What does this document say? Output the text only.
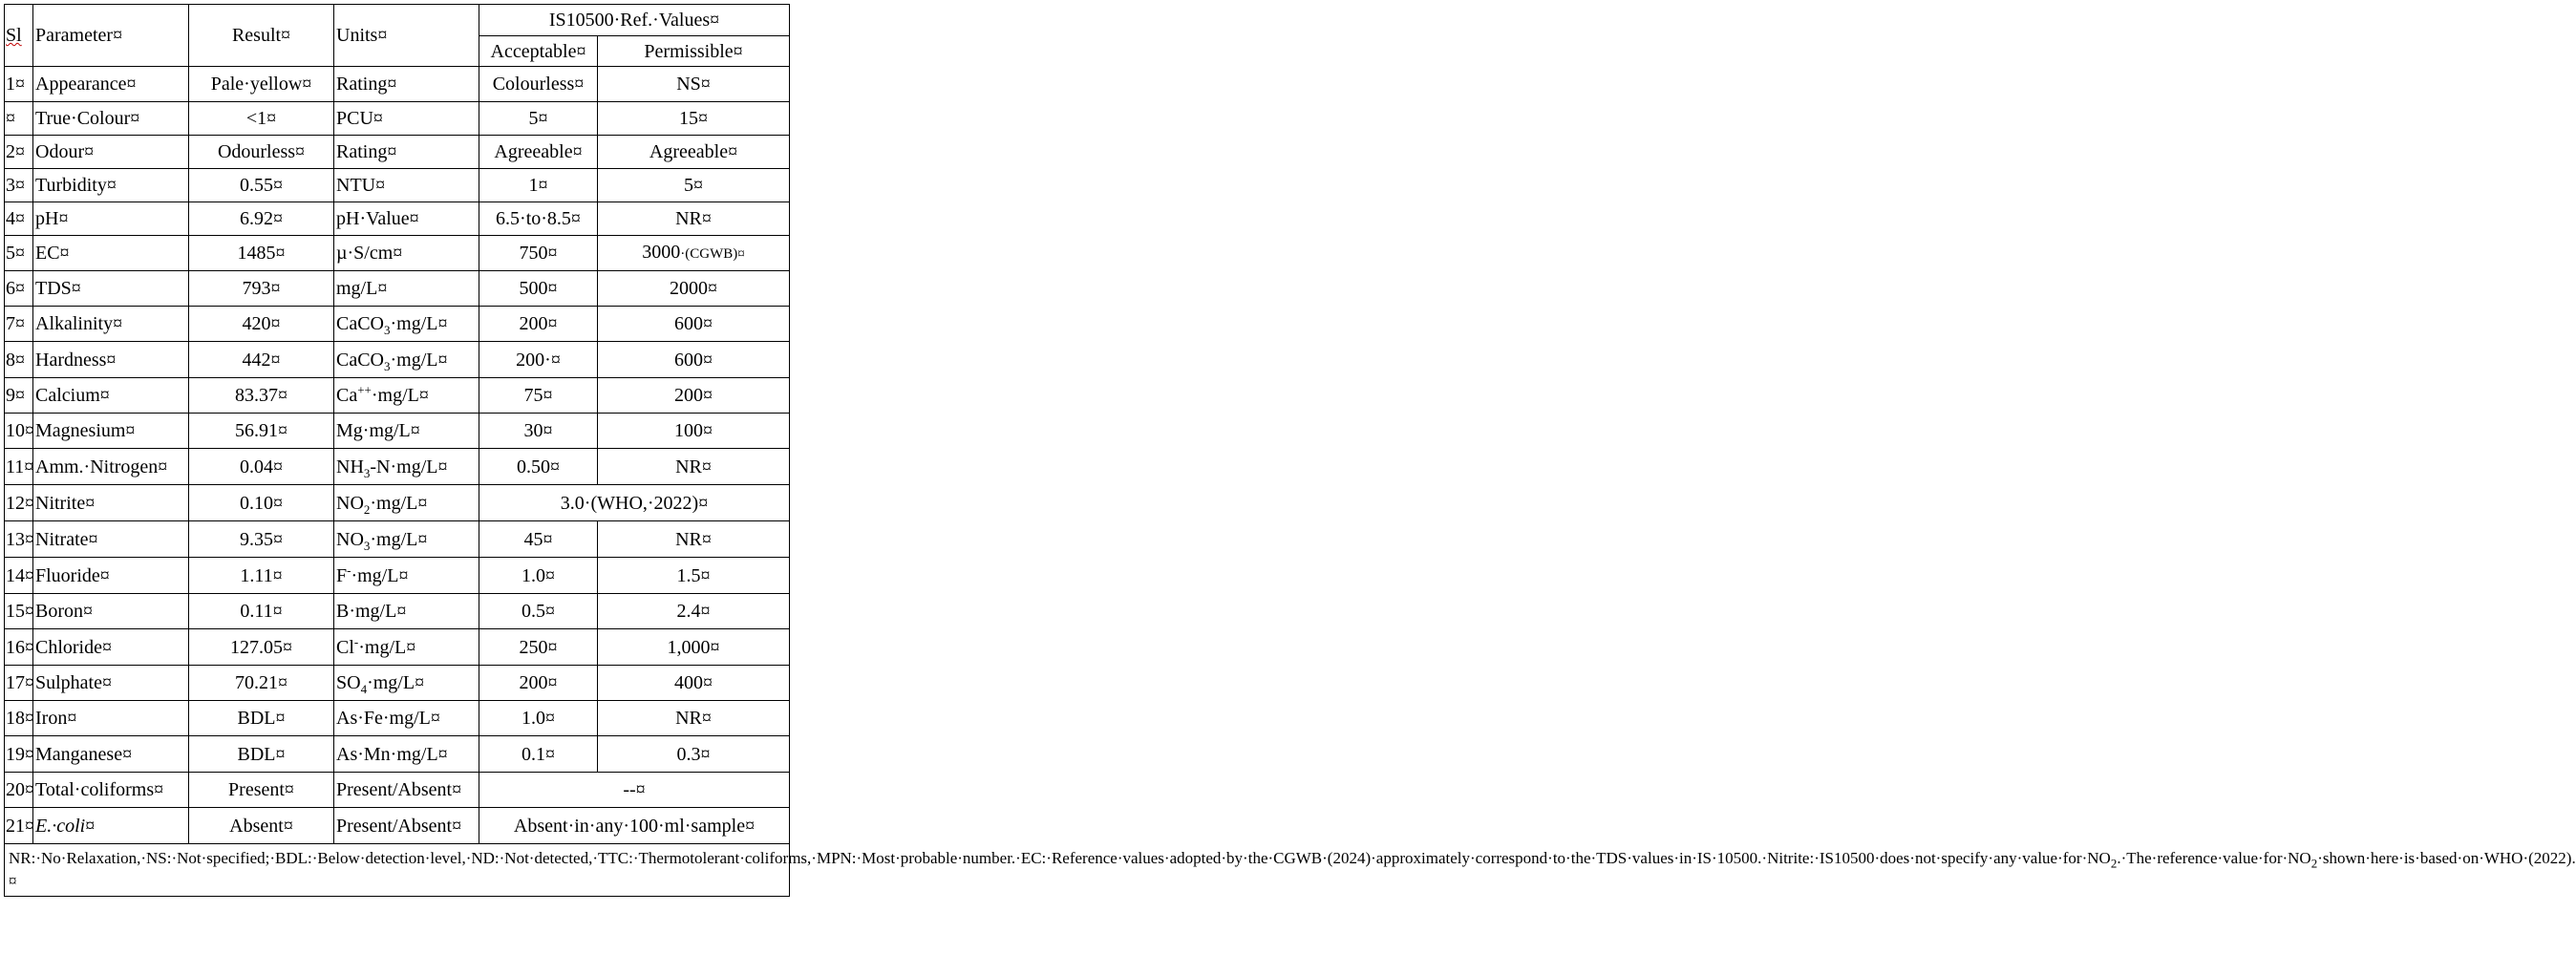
Sl	Parameter¤	Result¤	Units¤	IS10500·Ref.·Values¤	
				Acceptable¤	Permissible¤
1¤	Appearance¤	Pale·yellow¤	Rating¤	Colourless¤	NS¤
¤	True·Colour¤	<1¤	PCU¤	5¤	15¤
2¤	Odour¤	Odourless¤	Rating¤	Agreeable¤	Agreeable¤
3¤	Turbidity¤	0.55¤	NTU¤	1¤	5¤
4¤	pH¤	6.92¤	pH·Value¤	6.5·to·8.5¤	NR¤
5¤	EC¤	1485¤	µ·S/cm¤	750¤	3000·(CGWB)¤
6¤	TDS¤	793¤	mg/L¤	500¤	2000¤
7¤	Alkalinity¤	420¤	CaCO$_3$·mg/L¤	200¤	600¤
8¤	Hardness¤	442¤	CaCO$_3$·mg/L¤	200·¤	600¤
9¤	Calcium¤	83.37¤	Ca++·mg/L¤	75¤	200¤
10¤	Magnesium¤	56.91¤	Mg·mg/L¤	30¤	100¤
11¤	Amm.·Nitrogen¤	0.04¤	$NH_3-N\cdot mg/L¤$	0.50¤	NR¤
12¤	Nitrite¤	0.10¤	$NO_2\cdot mg/L¤$	3.0·(WHO,·2022)¤	
13¤	Nitrate¤	9.35¤	$NO_3\cdot mg/L¤$	45¤	NR¤
14¤	Fluoride¤	1.11¤	F-·mg/L¤	1.0¤	1.5¤
15¤	Boron¤	0.11¤	B·mg/L¤	0.5¤	2.4¤
16¤	Chloride¤	127.05¤	Cl-·mg/L¤	250¤	1,000¤
17¤	Sulphate¤	70.21¤	$SO_4\cdot mg/L¤$	200¤	400¤
18¤	Iron¤	BDL¤	As·Fe·mg/L¤	1.0¤	NR¤
19¤	Manganese¤	BDL¤	As·Mn·mg/L¤	0.1¤	0.3¤
20¤	Total·coliforms¤	Present¤	Present/Absent¤	--¤	
21¤	E.·coli¤	Absent¤	Present/Absent¤	Absent·in·any·100·ml·sample¤	
NR:·No·Relaxation,·NS:·Not·specified;·BDL:·Below·detection·level,·ND:·Not·detected,·TTC:·Thermotolerant·coliforms,·MPN:·Most·probable·number.·EC:·Reference·values·adopted·by·the·CGWB·(2024)·approximately·correspond·to·the·TDS·values·in·IS·1$0500.\cdot Nitrite:\cdot IS10500\cdot does\cdot not\cdot specify\cdot any\cdot value\cdot for\cdot NO_2.\cdot The\cdot reference\cdot value\cdot for\cdot NO_2\cdot shown\cdot here\cdot is\cdot based\cdot on\cdot WHO\cdot(2022)$.¤					
